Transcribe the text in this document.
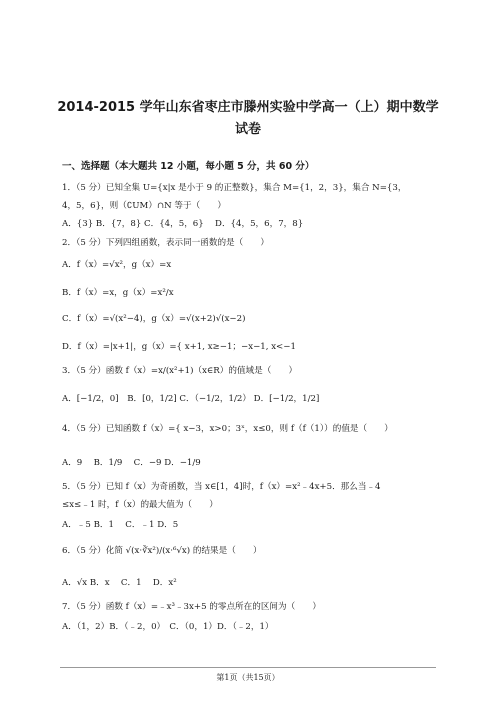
2014-2015 学年山东省枣庄市滕州实验中学高一（上）期中数学
试卷
一、选择题（本大题共 12 小题，每小题 5 分，共 60 分）
1．（5 分）已知全集 U={x|x 是小于 9 的正整数}，集合 M={1，2，3}，集合 N={3，
4，5，6}，则（∁UM）∩N 等于（　　）
A．{3} B．{7，8} C．{4，5，6} 　D．{4，5，6，7，8}
2．（5 分）下列四组函数，表示同一函数的是（　　）
A．f（x）=√x²，g（x）=x
B．f（x）=x，g（x）=x²/x
C．f（x）=√(x²−4)，g（x）=√(x+2)√(x−2)
D．f（x）=|x+1|，g（x）={ x+1, x≥−1；−x−1, x<−1
3．（5 分）函数 f（x）=x/(x²+1)（x∈R）的值域是（　　）
A．[−1/2，0]　B．[0，1/2] C．（−1/2，1/2） D．[−1/2，1/2]
4．（5 分）已知函数 f（x）={ x−3，x>0；3ˣ，x≤0，则 f（f（1））的值是（　　）
A．9　 B．1/9　 C．−9 D．−1/9
5．（5 分）已知 f（x）为奇函数，当 x∈[1，4]时，f（x）=x²﹣4x+5．那么当﹣4
≤x≤﹣1 时，f（x）的最大值为（　　）
A．﹣5 B．1　 C．﹣1 D．5
6．（5 分）化简 √(x·∛x²)/(x·⁶√x) 的结果是（　　）
A．√x B．x　 C．1　 D．x²
7．（5 分）函数 f（x）=﹣x³﹣3x+5 的零点所在的区间为（　　）
A．（1，2）B．（﹣2，0）　C．（0，1）D．（﹣2，1）
第1页（共15页）
